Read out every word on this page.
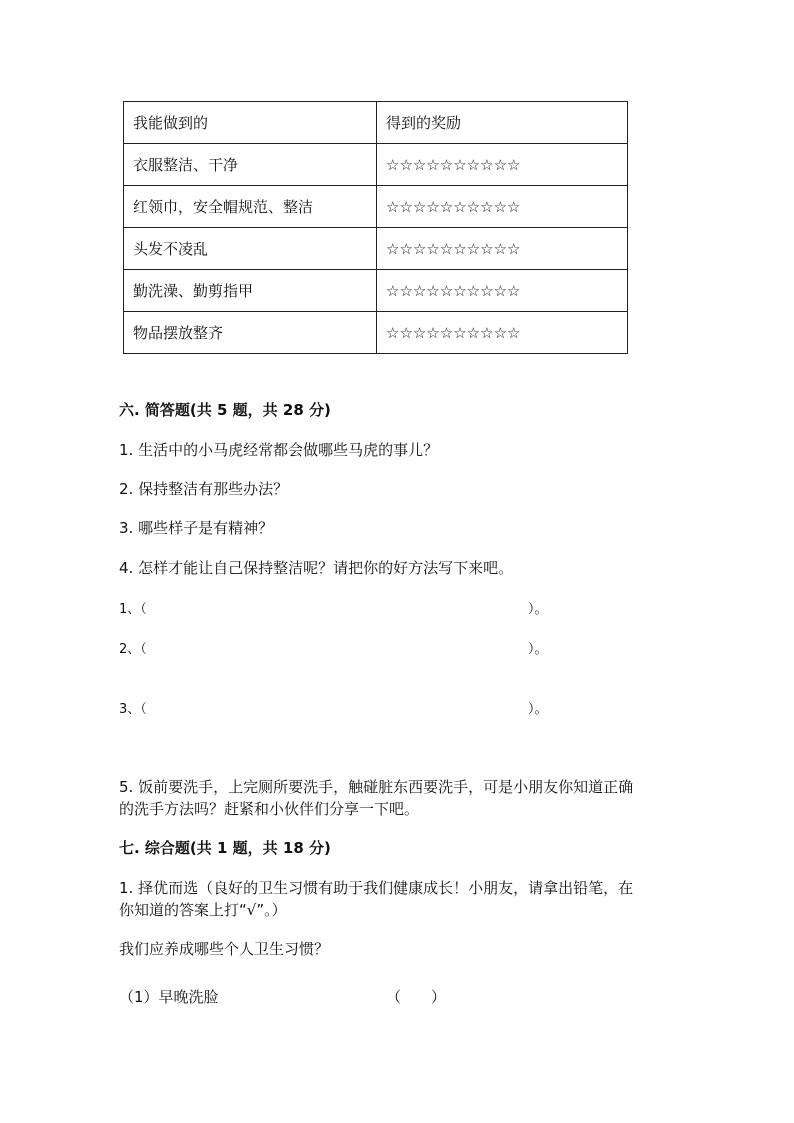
我能做到的	得到的奖励
衣服整洁、干净	☆☆☆☆☆☆☆☆☆☆
红领巾，安全帽规范、整洁	☆☆☆☆☆☆☆☆☆☆
头发不凌乱	☆☆☆☆☆☆☆☆☆☆
勤洗澡、勤剪指甲	☆☆☆☆☆☆☆☆☆☆
物品摆放整齐	☆☆☆☆☆☆☆☆☆☆
六. 简答题(共 5 题，共 28 分)
1. 生活中的小马虎经常都会做哪些马虎的事儿？
2. 保持整洁有那些办法？
3. 哪些样子是有精神？
4. 怎样才能让自己保持整洁呢？请把你的好方法写下来吧。
1、（	）。
2、（	）。
3、（	）。
5. 饭前要洗手，上完厕所要洗手，触碰脏东西要洗手，可是小朋友你知道正确
的洗手方法吗？赶紧和小伙伴们分享一下吧。
七. 综合题(共 1 题，共 18 分)
1. 择优而选（良好的卫生习惯有助于我们健康成长！小朋友，请拿出铅笔，在
你知道的答案上打“√”。）
我们应养成哪些个人卫生习惯？
（1）早晚洗脸	（　　）
